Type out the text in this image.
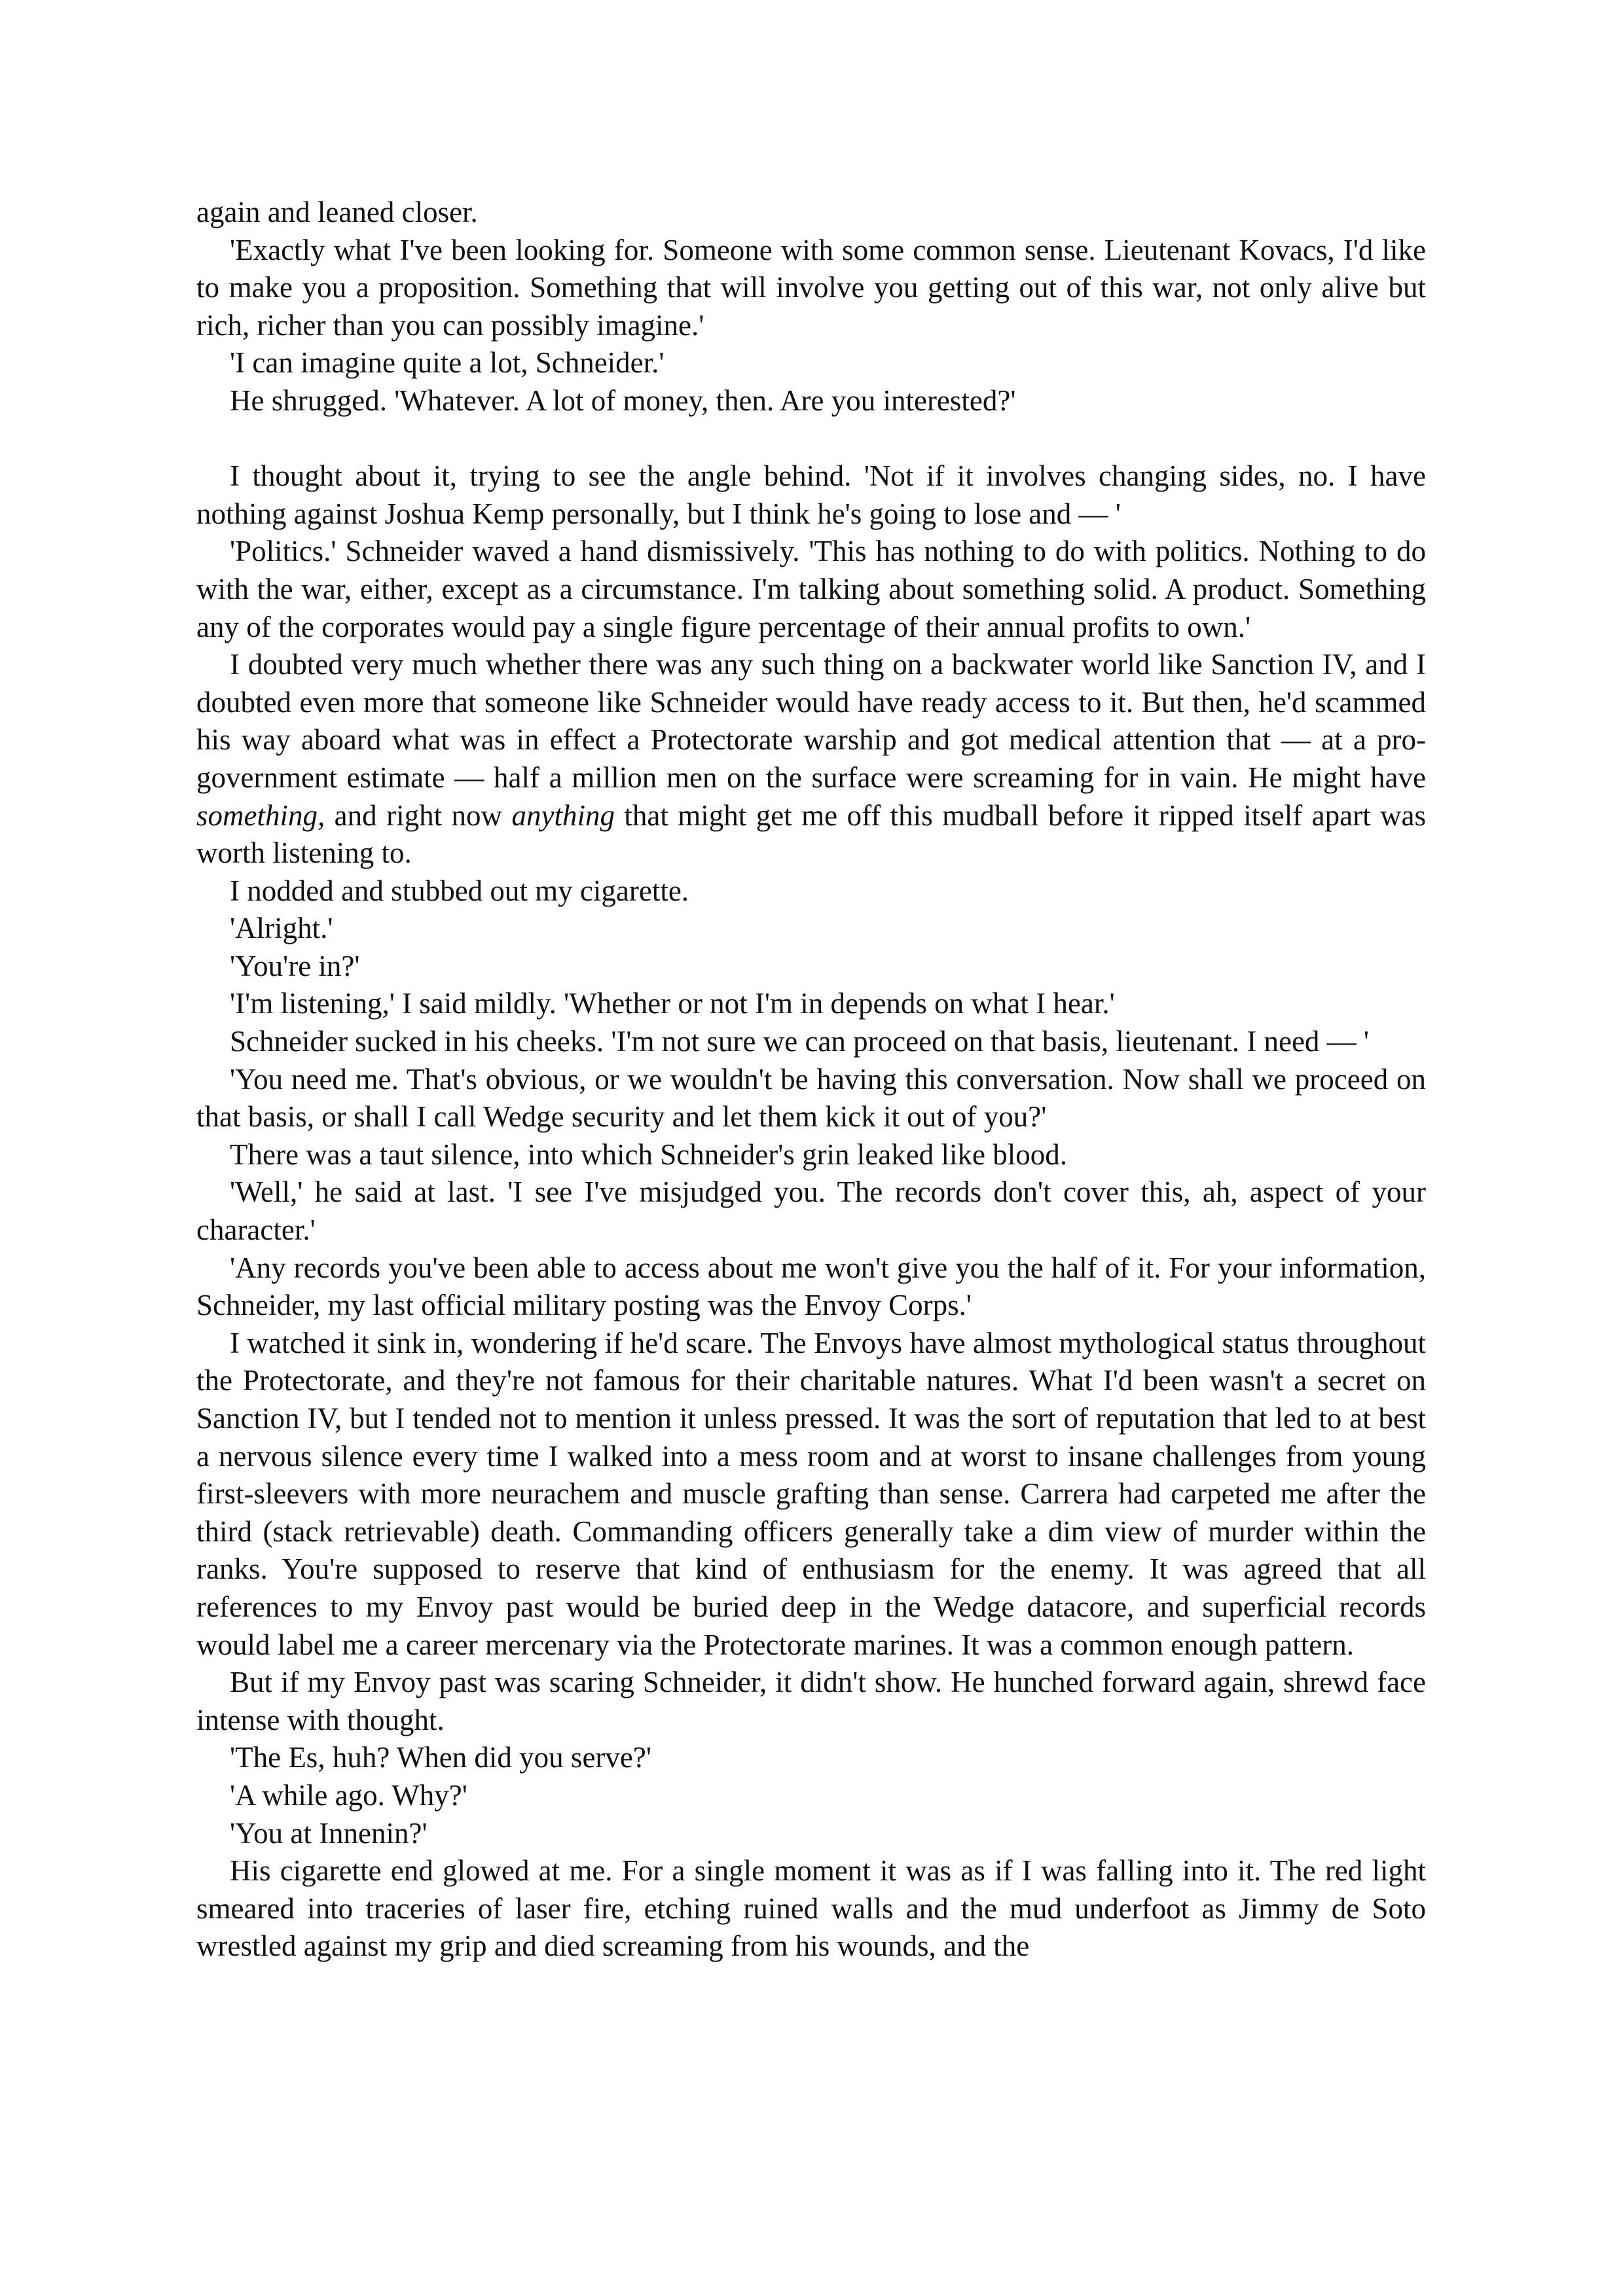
again and leaned closer.

'Exactly what I've been looking for. Someone with some common sense. Lieutenant Kovacs, I'd like to make you a proposition. Something that will involve you getting out of this war, not only alive but rich, richer than you can possibly imagine.'

'I can imagine quite a lot, Schneider.'

He shrugged. 'Whatever. A lot of money, then. Are you interested?'

I thought about it, trying to see the angle behind. 'Not if it involves changing sides, no. I have nothing against Joshua Kemp personally, but I think he's going to lose and — '

'Politics.' Schneider waved a hand dismissively. 'This has nothing to do with politics. Nothing to do with the war, either, except as a circumstance. I'm talking about something solid. A product. Something any of the corporates would pay a single figure percentage of their annual profits to own.'

I doubted very much whether there was any such thing on a backwater world like Sanction IV, and I doubted even more that someone like Schneider would have ready access to it. But then, he'd scammed his way aboard what was in effect a Protectorate warship and got medical attention that — at a pro-government estimate — half a million men on the surface were screaming for in vain. He might have something, and right now anything that might get me off this mudball before it ripped itself apart was worth listening to.

I nodded and stubbed out my cigarette.

'Alright.'

'You're in?'

'I'm listening,' I said mildly. 'Whether or not I'm in depends on what I hear.'

Schneider sucked in his cheeks. 'I'm not sure we can proceed on that basis, lieutenant. I need — '

'You need me. That's obvious, or we wouldn't be having this conversation. Now shall we proceed on that basis, or shall I call Wedge security and let them kick it out of you?'

There was a taut silence, into which Schneider's grin leaked like blood.

'Well,' he said at last. 'I see I've misjudged you. The records don't cover this, ah, aspect of your character.'

'Any records you've been able to access about me won't give you the half of it. For your information, Schneider, my last official military posting was the Envoy Corps.'

I watched it sink in, wondering if he'd scare. The Envoys have almost mythological status throughout the Protectorate, and they're not famous for their charitable natures. What I'd been wasn't a secret on Sanction IV, but I tended not to mention it unless pressed. It was the sort of reputation that led to at best a nervous silence every time I walked into a mess room and at worst to insane challenges from young first-sleevers with more neurachem and muscle grafting than sense. Carrera had carpeted me after the third (stack retrievable) death. Commanding officers generally take a dim view of murder within the ranks. You're supposed to reserve that kind of enthusiasm for the enemy. It was agreed that all references to my Envoy past would be buried deep in the Wedge datacore, and superficial records would label me a career mercenary via the Protectorate marines. It was a common enough pattern.

But if my Envoy past was scaring Schneider, it didn't show. He hunched forward again, shrewd face intense with thought.

'The Es, huh? When did you serve?'

'A while ago. Why?'

'You at Innenin?'

His cigarette end glowed at me. For a single moment it was as if I was falling into it. The red light smeared into traceries of laser fire, etching ruined walls and the mud underfoot as Jimmy de Soto wrestled against my grip and died screaming from his wounds, and the
